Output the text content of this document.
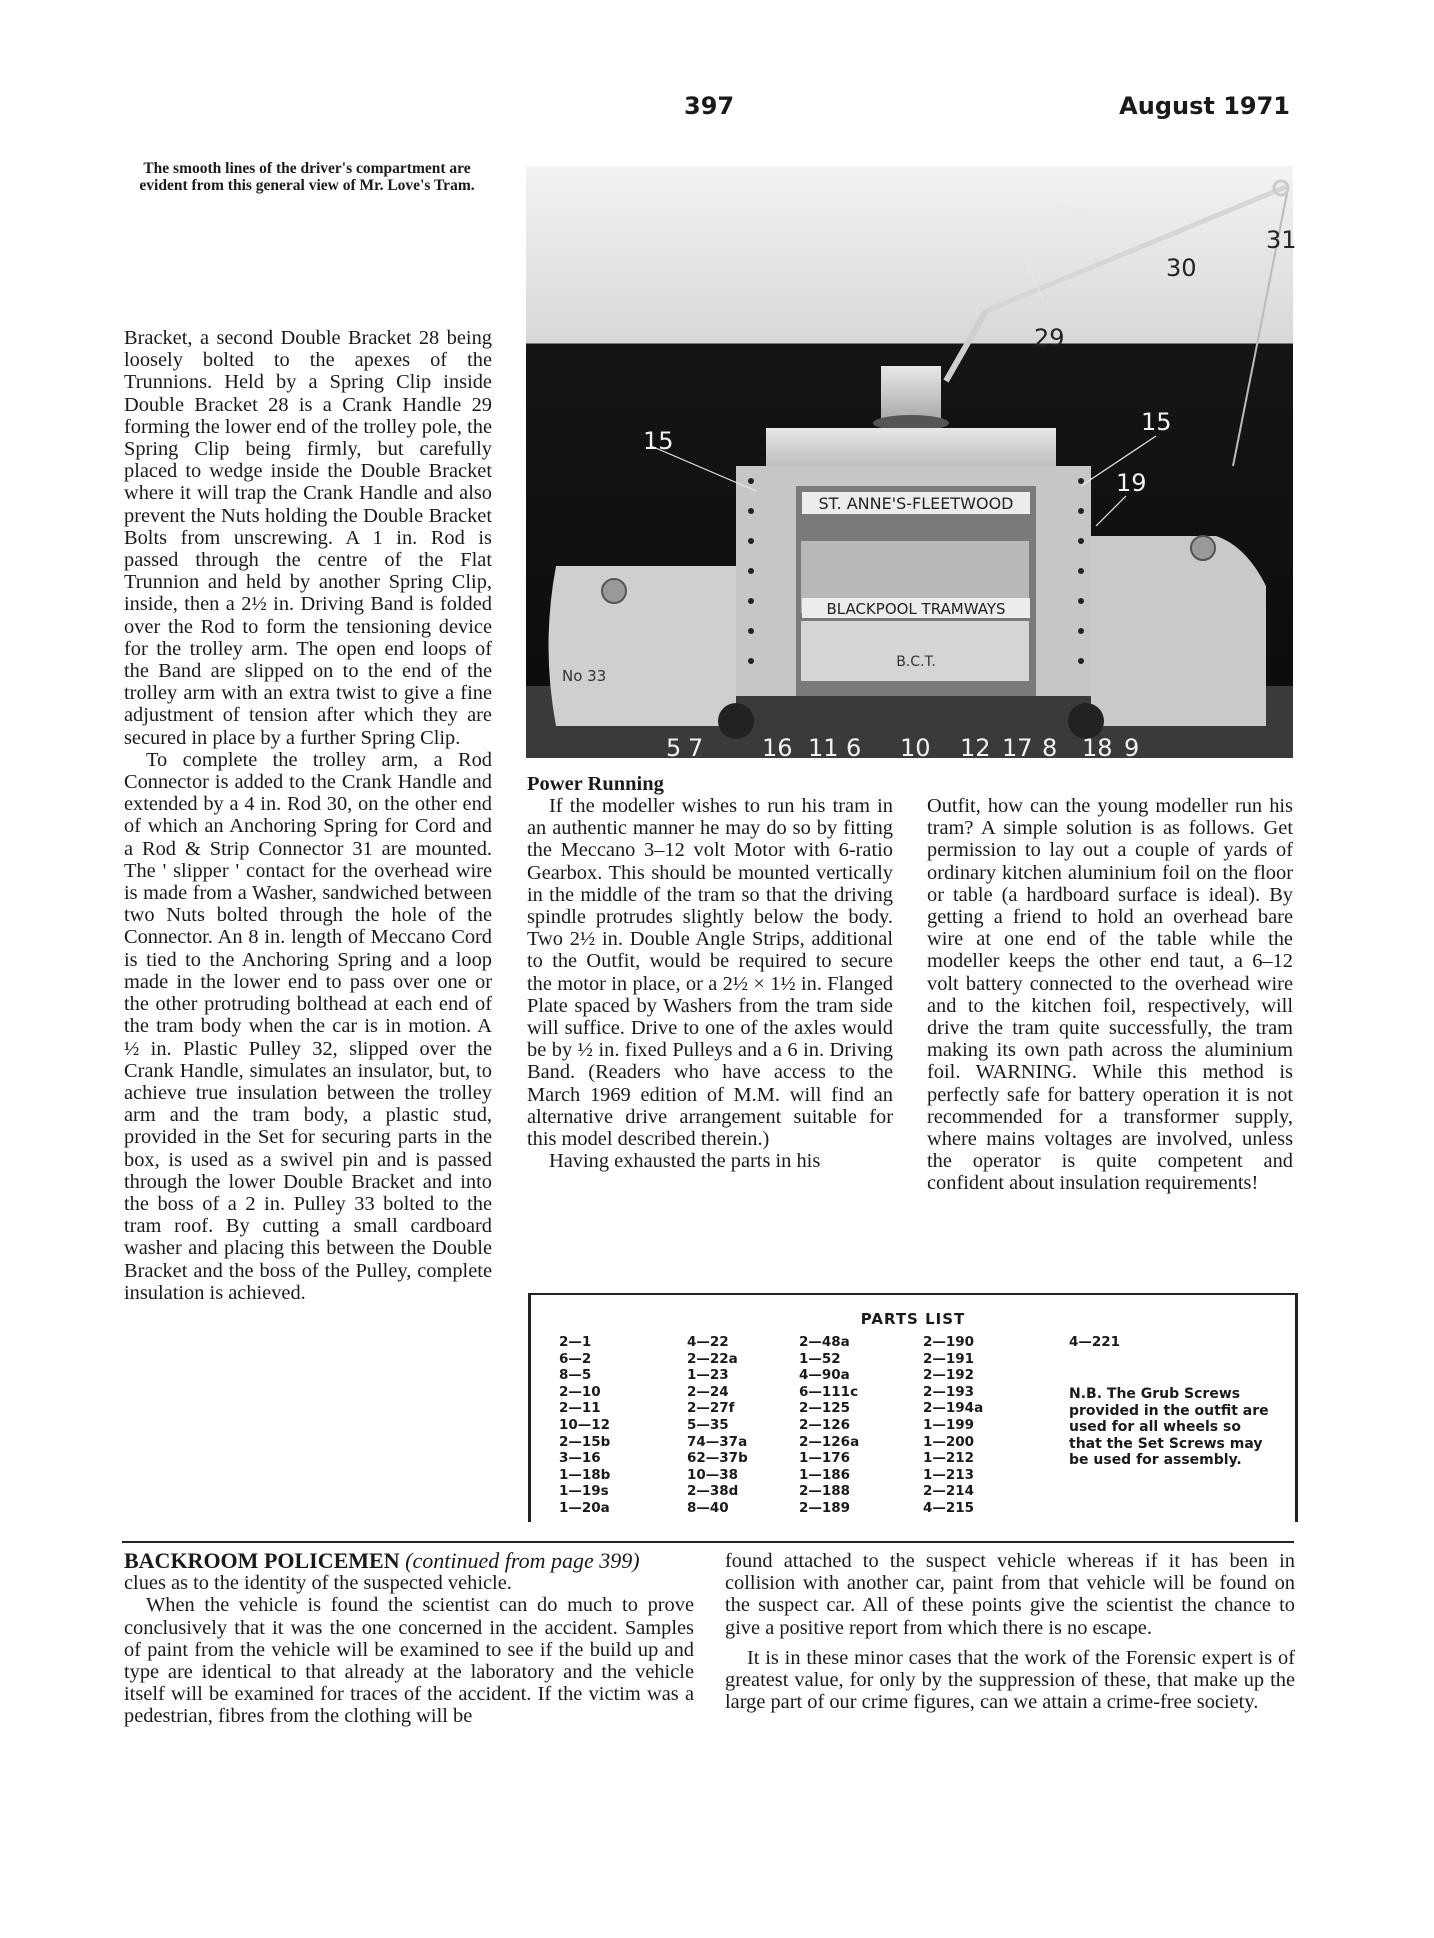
397	August 1971
The smooth lines of the driver's compartment are evident from this general view of Mr. Love's Tram.

Bracket, a second Double Bracket 28 being loosely bolted to the apexes of the Trunnions. Held by a Spring Clip inside Double Bracket 28 is a Crank Handle 29 forming the lower end of the trolley pole, the Spring Clip being firmly, but carefully placed to wedge inside the Double Bracket where it will trap the Crank Handle and also prevent the Nuts holding the Double Bracket Bolts from unscrewing. A 1 in. Rod is passed through the centre of the Flat Trunnion and held by another Spring Clip, inside, then a 2½ in. Driving Band is folded over the Rod to form the tensioning device for the trolley arm. The open end loops of the Band are slipped on to the end of the trolley arm with an extra twist to give a fine adjustment of tension after which they are secured in place by a further Spring Clip.

To complete the trolley arm, a Rod Connector is added to the Crank Handle and extended by a 4 in. Rod 30, on the other end of which an Anchoring Spring for Cord and a Rod & Strip Connector 31 are mounted. The ' slipper ' contact for the overhead wire is made from a Washer, sandwiched between two Nuts bolted through the hole of the Connector. An 8 in. length of Meccano Cord is tied to the Anchoring Spring and a loop made in the lower end to pass over one or the other protruding bolthead at each end of the tram body when the car is in motion. A ½ in. Plastic Pulley 32, slipped over the Crank Handle, simulates an insulator, but, to achieve true insulation between the trolley arm and the tram body, a plastic stud, provided in the Set for securing parts in the box, is used as a swivel pin and is passed through the lower Double Bracket and into the boss of a 2 in. Pulley 33 bolted to the tram roof. By cutting a small cardboard washer and placing this between the Double Bracket and the boss of the Pulley, complete insulation is achieved.

ST. ANNE'S-FLEETWOOD
BLACKPOOL TRAMWAYS
B.C.T.
No 33
31
30
29
15
15
19
5 7 16 11 6 10 12 17 8 18 9
Power Running

If the modeller wishes to run his tram in an authentic manner he may do so by fitting the Meccano 3–12 volt Motor with 6-ratio Gearbox. This should be mounted vertically in the middle of the tram so that the driving spindle protrudes slightly below the body. Two 2½ in. Double Angle Strips, additional to the Outfit, would be required to secure the motor in place, or a 2½ × 1½ in. Flanged Plate spaced by Washers from the tram side will suffice. Drive to one of the axles would be by ½ in. fixed Pulleys and a 6 in. Driving Band. (Readers who have access to the March 1969 edition of M.M. will find an alternative drive arrangement suitable for this model described therein.)

Having exhausted the parts in his

Outfit, how can the young modeller run his tram? A simple solution is as follows. Get permission to lay out a couple of yards of ordinary kitchen aluminium foil on the floor or table (a hardboard surface is ideal). By getting a friend to hold an overhead bare wire at one end of the table while the modeller keeps the other end taut, a 6–12 volt battery connected to the overhead wire and to the kitchen foil, respectively, will drive the tram quite successfully, the tram making its own path across the aluminium foil. WARNING. While this method is perfectly safe for battery operation it is not recommended for a transformer supply, where mains voltages are involved, unless the operator is quite competent and confident about insulation requirements!

PARTS LIST
2—1
6—2
8—5
2—10
2—11
10—12
2—15b
3—16
1—18b
1—19s
1—20a
4—22
2—22a
1—23
2—24
2—27f
5—35
74—37a
62—37b
10—38
2—38d
8—40
2—48a
1—52
4—90a
6—111c
2—125
2—126
2—126a
1—176
1—186
2—188
2—189
2—190
2—191
2—192
2—193
2—194a
1—199
1—200
1—212
1—213
2—214
4—215
4—221
N.B. The Grub Screws provided in the outfit are used for all wheels so that the Set Screws may be used for assembly.
BACKROOM POLICEMEN (continued from page 399)

clues as to the identity of the suspected vehicle.

When the vehicle is found the scientist can do much to prove conclusively that it was the one concerned in the accident. Samples of paint from the vehicle will be examined to see if the build up and type are identical to that already at the laboratory and the vehicle itself will be examined for traces of the accident. If the victim was a pedestrian, fibres from the clothing will be

found attached to the suspect vehicle whereas if it has been in collision with another car, paint from that vehicle will be found on the suspect car. All of these points give the scientist the chance to give a positive report from which there is no escape.

It is in these minor cases that the work of the Forensic expert is of greatest value, for only by the suppression of these, that make up the large part of our crime figures, can we attain a crime-free society.
